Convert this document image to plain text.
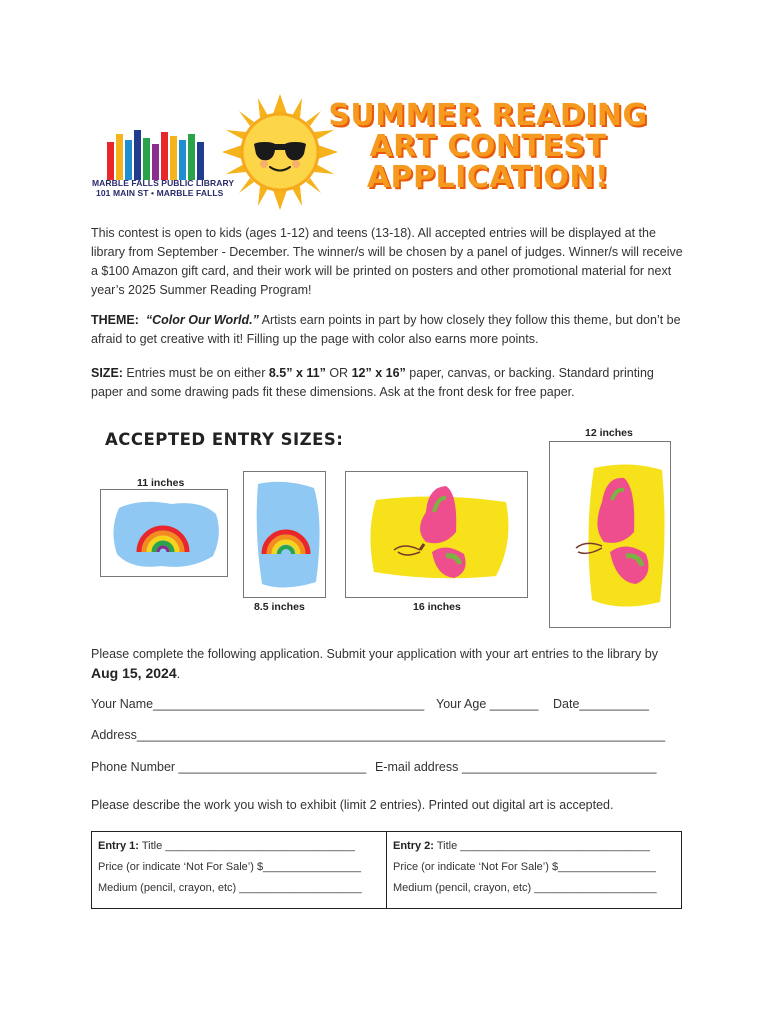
MARBLE FALLS PUBLIC LIBRARY
101 MAIN ST • MARBLE FALLS
SUMMER READING
ART CONTEST
APPLICATION!
This contest is open to kids (ages 1-12) and teens (13-18). All accepted entries will be displayed at the library from September - December. The winner/s will be chosen by a panel of judges. Winner/s will receive a $100 Amazon gift card, and their work will be printed on posters and other promotional material for next year’s 2025 Summer Reading Program!
THEME: “Color Our World.” Artists earn points in part by how closely they follow this theme, but don’t be afraid to get creative with it! Filling up the page with color also earns more points.
SIZE: Entries must be on either 8.5” x 11” OR 12” x 16” paper, canvas, or backing. Standard printing paper and some drawing pads fit these dimensions. Ask at the front desk for free paper.
ACCEPTED ENTRY SIZES:
11 inches
8.5 inches	16 inches
12 inches
Please complete the following application. Submit your application with your art entries to the library by
Aug 15, 2024.
Your Name_______________________________________ Your Age _______ Date__________
Address____________________________________________________________________________
Phone Number ___________________________ E-mail address ____________________________
Please describe the work you wish to exhibit (limit 2 entries). Printed out digital art is accepted.
Entry 1: Title _______________________________
Price (or indicate ‘Not For Sale’) $________________
Medium (pencil, crayon, etc) ____________________
Entry 2: Title _______________________________
Price (or indicate ‘Not For Sale’) $________________
Medium (pencil, crayon, etc) ____________________
